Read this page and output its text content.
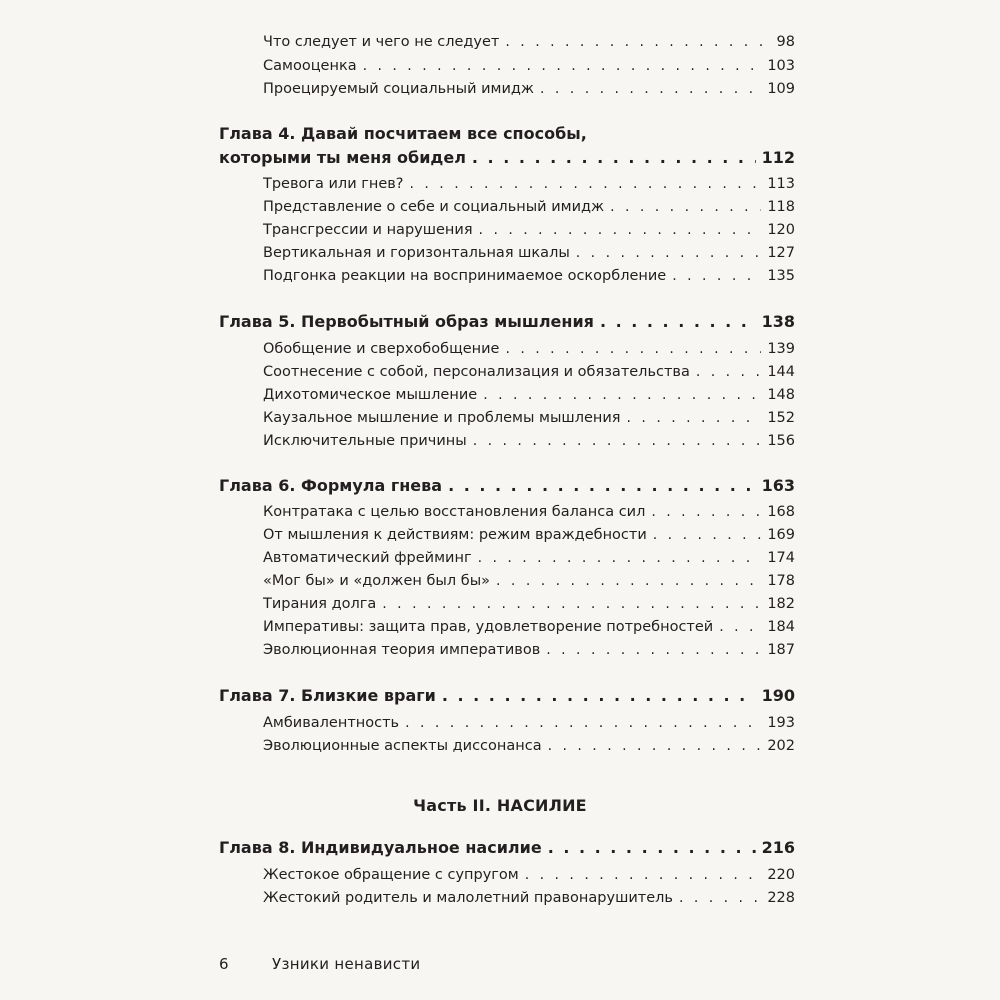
Что следует и чего не следует . . .	98
Самооценка . . .	103
Проецируемый социальный имидж . . .	109
Глава 4. Давай посчитаем все способы,
которыми ты меня обидел . . .	112
Тревога или гнев? . . .	113
Представление о себе и социальный имидж . . .	118
Трансгрессии и нарушения . . .	120
Вертикальная и горизонтальная шкалы . . .	127
Подгонка реакции на воспринимаемое оскорбление . . .	135
Глава 5. Первобытный образ мышления . . .	138
Обобщение и сверхобобщение . . .	139
Соотнесение с собой, персонализация и обязательства . . .	144
Дихотомическое мышление . . .	148
Каузальное мышление и проблемы мышления . . .	152
Исключительные причины . . .	156
Глава 6. Формула гнева . . .	163
Контратака с целью восстановления баланса сил . . .	168
От мышления к действиям: режим враждебности . . .	169
Автоматический фрейминг . . .	174
«Мог бы» и «должен был бы» . . .	178
Тирания долга . . .	182
Императивы: защита прав, удовлетворение потребностей . . .	184
Эволюционная теория императивов . . .	187
Глава 7. Близкие враги . . .	190
Амбивалентность . . .	193
Эволюционные аспекты диссонанса . . .	202
Часть II. НАСИЛИЕ
Глава 8. Индивидуальное насилие . . .	216
Жестокое обращение с супругом . . .	220
Жестокий родитель и малолетний правонарушитель . . .	228
6	Узники ненависти
